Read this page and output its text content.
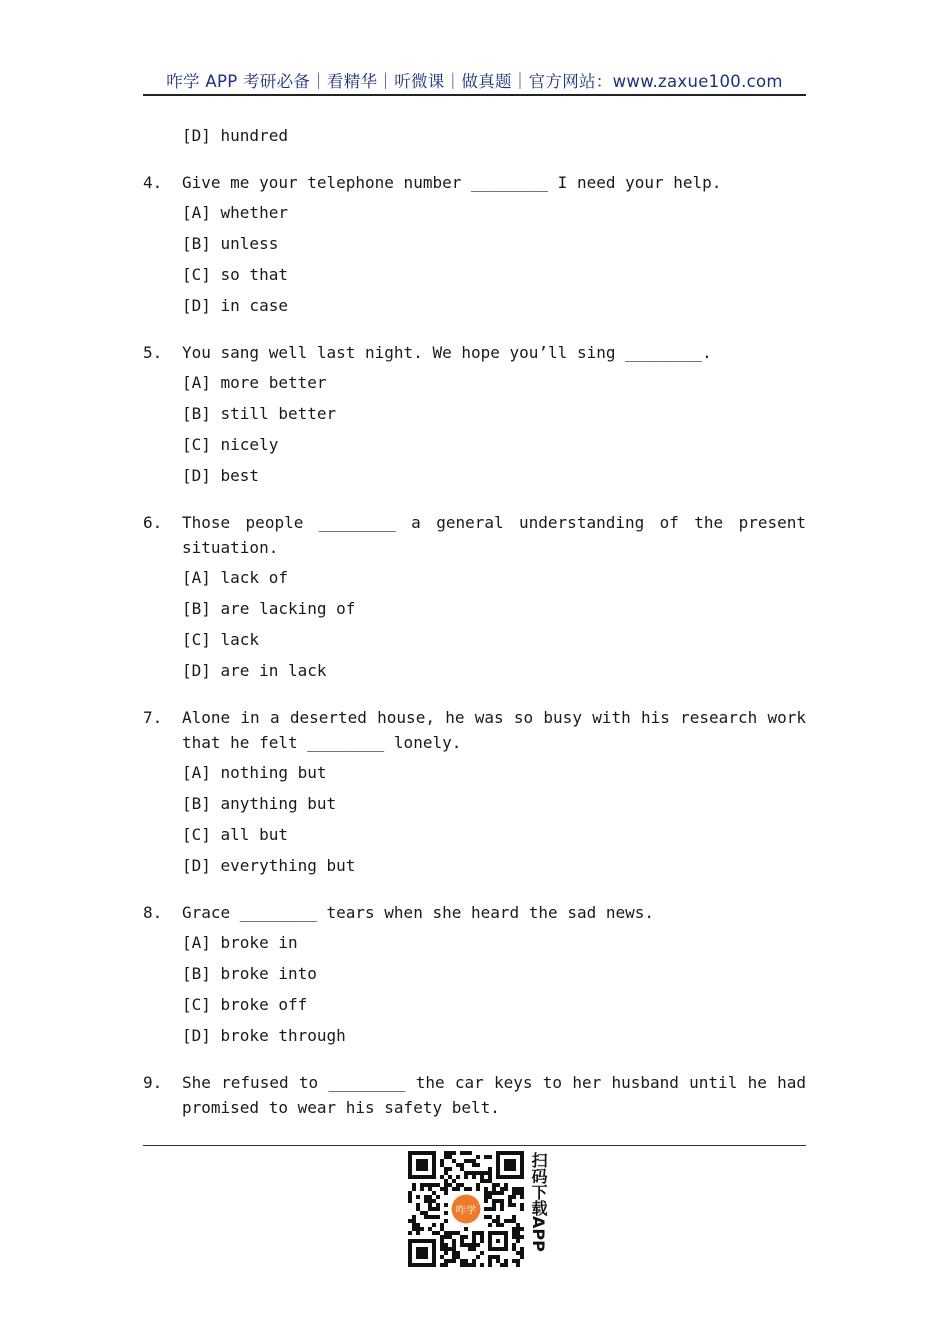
咋学 APP 考研必备｜看精华｜听微课｜做真题｜官方网站：www.zaxue100.com
[D] hundred
4.	Give me your telephone number ________ I need your help.
[A] whether
[B] unless
[C] so that
[D] in case
5.	You sang well last night. We hope you’ll sing ________.
[A] more better
[B] still better
[C] nicely
[D] best
6.	Those people ________ a general understanding of the present situation.
[A] lack of
[B] are lacking of
[C] lack
[D] are in lack
7.	Alone in a deserted house, he was so busy with his research work that he felt ________ lonely.
[A] nothing but
[B] anything but
[C] all but
[D] everything but
8.	Grace ________ tears when she heard the sad news.
[A] broke in
[B] broke into
[C] broke off
[D] broke through
9.	She refused to ________ the car keys to her husband until he had promised to wear his safety belt.
咋学	扫码下载APP
